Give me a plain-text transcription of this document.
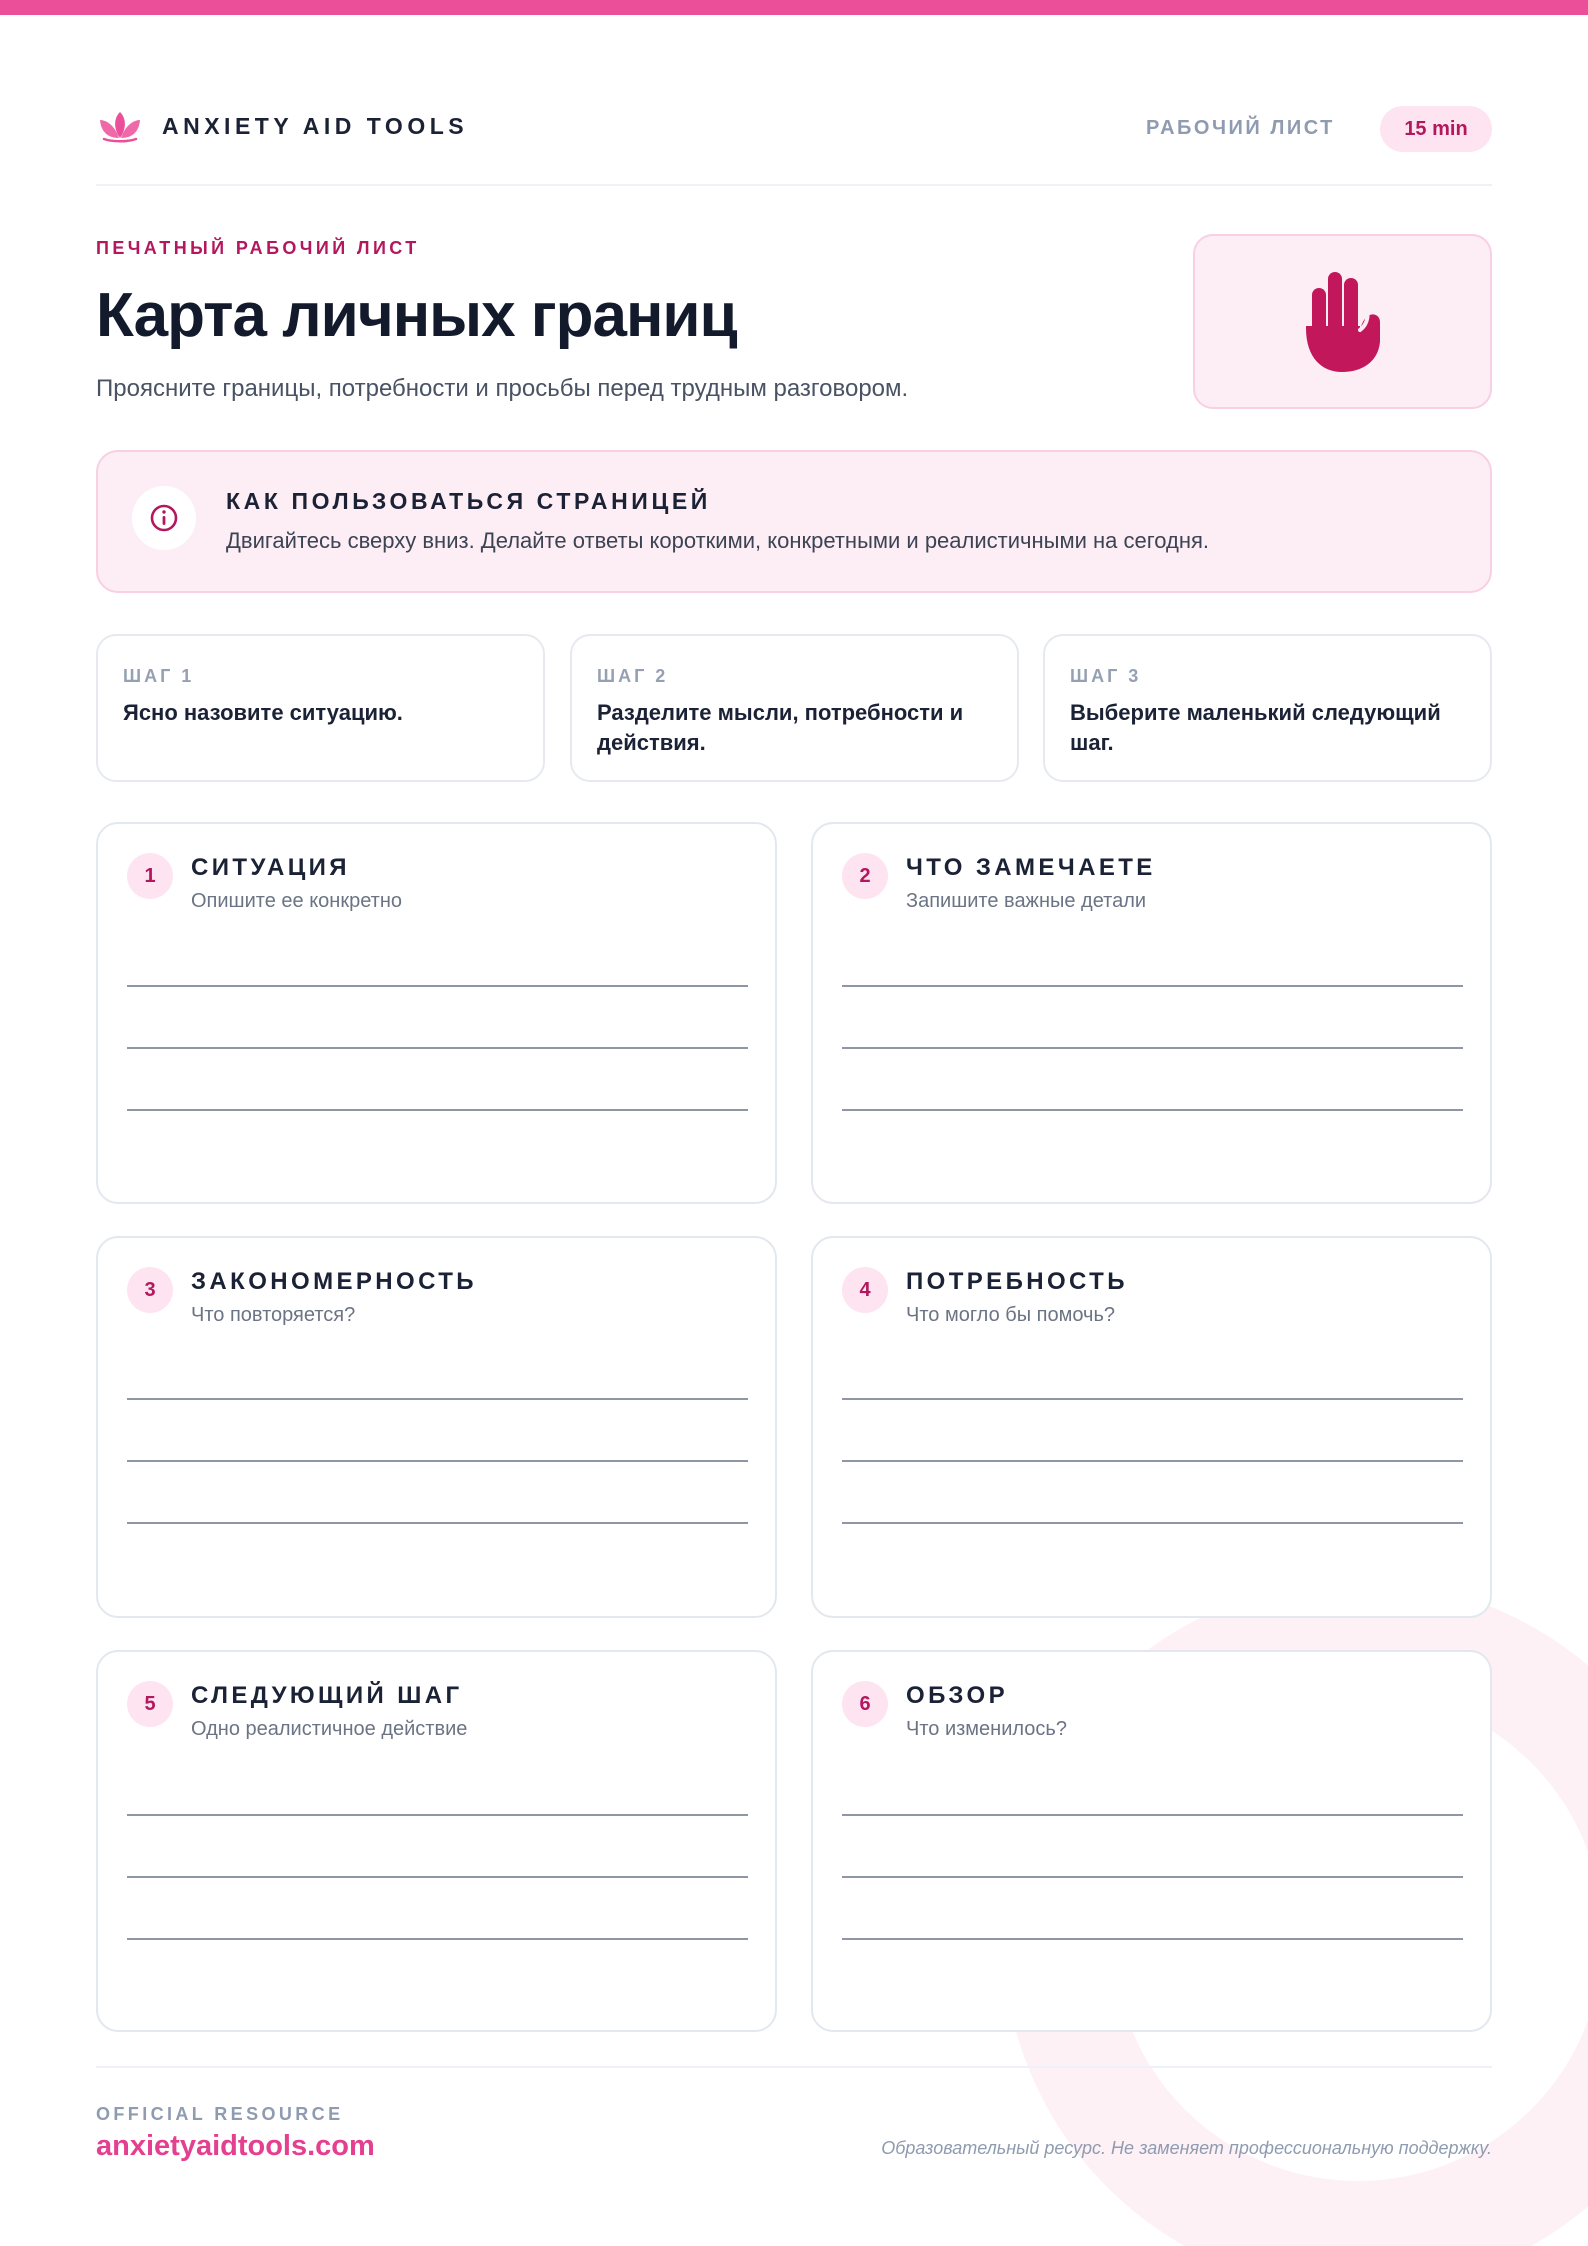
ANXIETY AID TOOLS	РАБОЧИЙ ЛИСТ	15 min
ПЕЧАТНЫЙ РАБОЧИЙ ЛИСТ
Карта личных границ
Проясните границы, потребности и просьбы перед трудным разговором.
КАК ПОЛЬЗОВАТЬСЯ СТРАНИЦЕЙ
Двигайтесь сверху вниз. Делайте ответы короткими, конкретными и реалистичными на сегодня.
ШАГ 1
Ясно назовите ситуацию.
ШАГ 2
Разделите мысли, потребности и действия.
ШАГ 3
Выберите маленький следующий шаг.
1	СИТУАЦИЯ
Опишите ее конкретно
2	ЧТО ЗАМЕЧАЕТЕ
Запишите важные детали
3	ЗАКОНОМЕРНОСТЬ
Что повторяется?
4	ПОТРЕБНОСТЬ
Что могло бы помочь?
5	СЛЕДУЮЩИЙ ШАГ
Одно реалистичное действие
6	ОБЗОР
Что изменилось?
OFFICIAL RESOURCE
anxietyaidtools.com	Образовательный ресурс. Не заменяет профессиональную поддержку.
